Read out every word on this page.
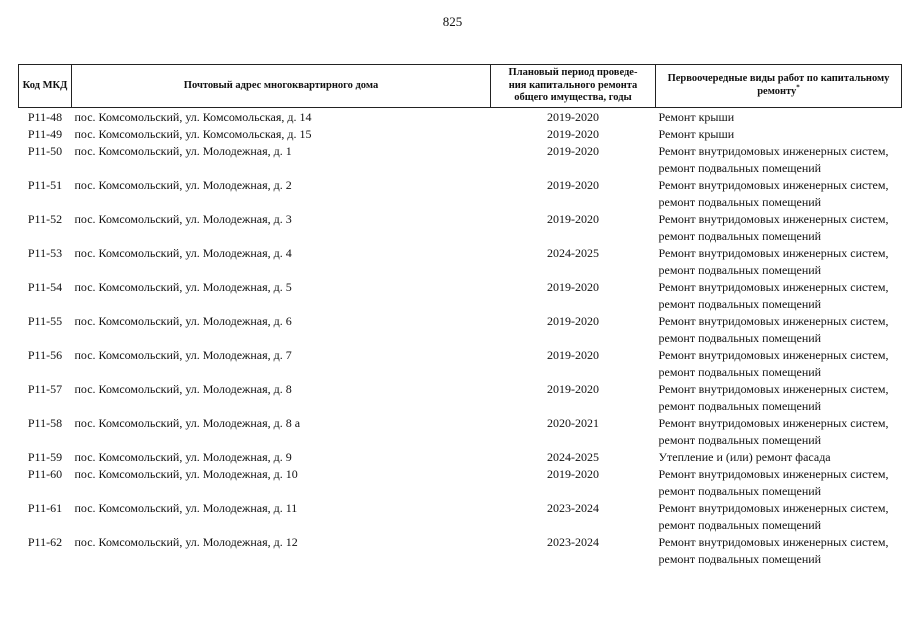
825
Код МКД	Почтовый адрес многоквартирного дома	Плановый период проведе-
ния капитального ремонта
общего имущества, годы	Первоочередные виды работ по капитальному
ремонту*

P11-48	пос. Комсомольский, ул. Комсомольская, д. 14	2019-2020	Ремонт крыши

P11-49	пос. Комсомольский, ул. Комсомольская, д. 15	2019-2020	Ремонт крыши

P11-50	пос. Комсомольский, ул. Молодежная, д. 1	2019-2020	Ремонт внутридомовых инженерных систем,
ремонт подвальных помещений

P11-51	пос. Комсомольский, ул. Молодежная, д. 2	2019-2020	Ремонт внутридомовых инженерных систем,
ремонт подвальных помещений

P11-52	пос. Комсомольский, ул. Молодежная, д. 3	2019-2020	Ремонт внутридомовых инженерных систем,
ремонт подвальных помещений

P11-53	пос. Комсомольский, ул. Молодежная, д. 4	2024-2025	Ремонт внутридомовых инженерных систем,
ремонт подвальных помещений

P11-54	пос. Комсомольский, ул. Молодежная, д. 5	2019-2020	Ремонт внутридомовых инженерных систем,
ремонт подвальных помещений

P11-55	пос. Комсомольский, ул. Молодежная, д. 6	2019-2020	Ремонт внутридомовых инженерных систем,
ремонт подвальных помещений

P11-56	пос. Комсомольский, ул. Молодежная, д. 7	2019-2020	Ремонт внутридомовых инженерных систем,
ремонт подвальных помещений

P11-57	пос. Комсомольский, ул. Молодежная, д. 8	2019-2020	Ремонт внутридомовых инженерных систем,
ремонт подвальных помещений

P11-58	пос. Комсомольский, ул. Молодежная, д. 8 а	2020-2021	Ремонт внутридомовых инженерных систем,
ремонт подвальных помещений

P11-59	пос. Комсомольский, ул. Молодежная, д. 9	2024-2025	Утепление и (или) ремонт фасада

P11-60	пос. Комсомольский, ул. Молодежная, д. 10	2019-2020	Ремонт внутридомовых инженерных систем,
ремонт подвальных помещений

P11-61	пос. Комсомольский, ул. Молодежная, д. 11	2023-2024	Ремонт внутридомовых инженерных систем,
ремонт подвальных помещений

P11-62	пос. Комсомольский, ул. Молодежная, д. 12	2023-2024	Ремонт внутридомовых инженерных систем,
ремонт подвальных помещений
